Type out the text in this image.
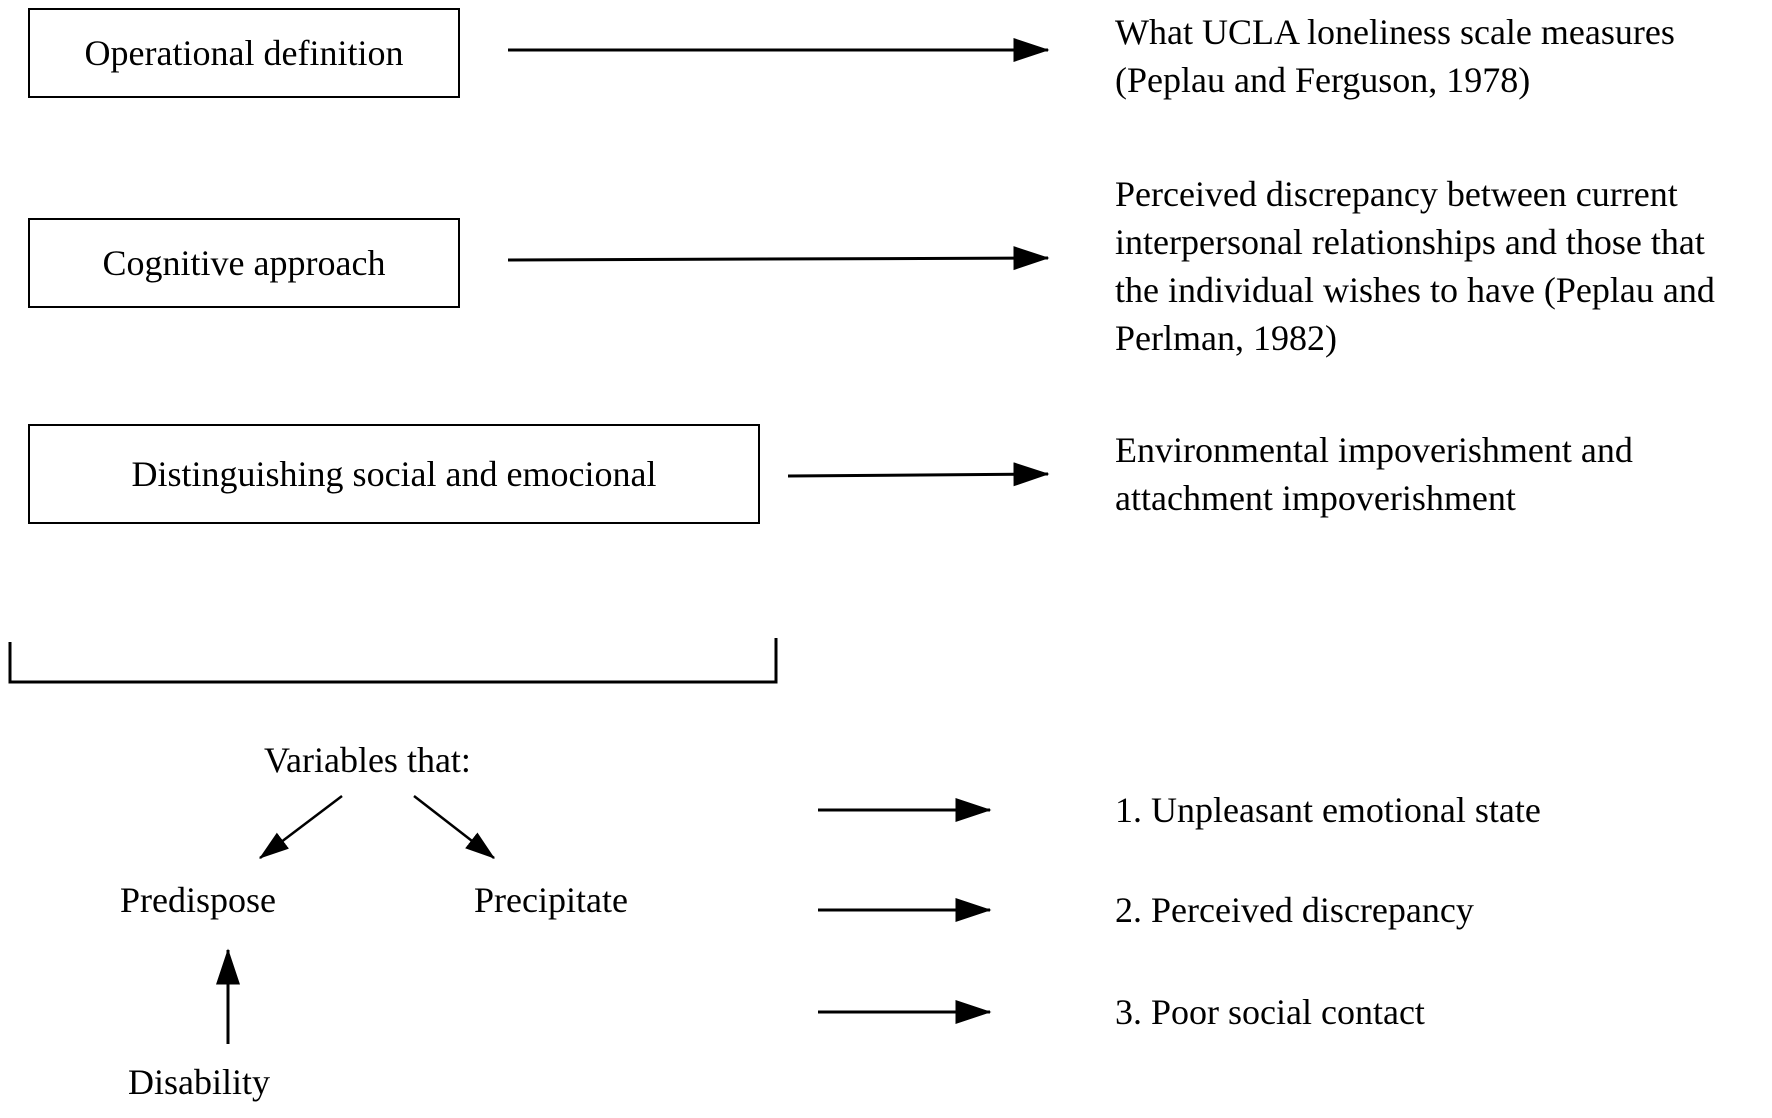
Operational definition
Cognitive approach
Distinguishing social and emocional
What UCLA loneliness scale measures
(Peplau and Ferguson, 1978)
Perceived discrepancy between current
interpersonal relationships and those that
the individual wishes to have (Peplau and
Perlman, 1982)
Environmental impoverishment and
attachment impoverishment
Variables that:
Predispose	Precipitate
Disability
1. Unpleasant emotional state
2. Perceived discrepancy
3. Poor social contact
